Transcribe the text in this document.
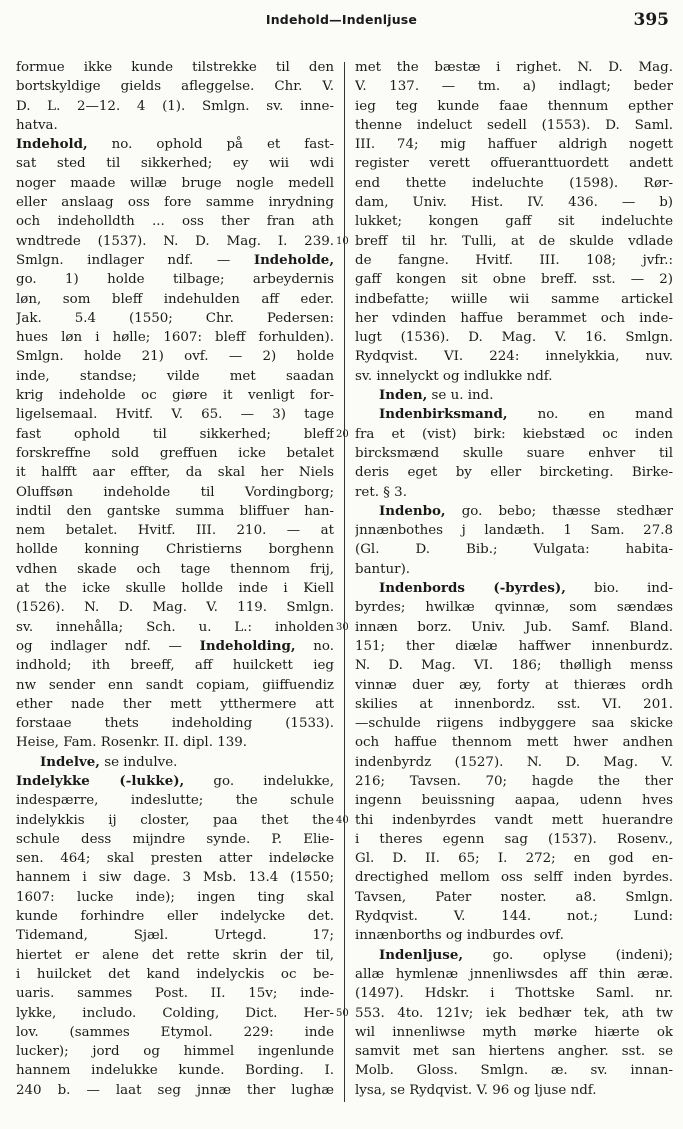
Indehold—Indenljuse	395
10
20
30
40
50
formue ikke kunde tilstrekke til den
bortskyldige gields afleggelse. Chr. V.
D. L. 2—12. 4 (1). Smlgn. sv. inne-
hatva.
Indehold, no. ophold på et fast-
sat sted til sikkerhed; ey wii wdi
noger maade willæ bruge nogle medell
eller anslaag oss fore samme inrydning
och indeholldth ... oss ther fran ath
wndtrede (1537). N. D. Mag. I. 239.
Smlgn. indlager ndf. — Indeholde,
go. 1) holde tilbage; arbeydernis
løn, som bleff indehulden aff eder.
Jak. 5.4 (1550; Chr. Pedersen:
hues løn i hølle; 1607: bleff forhulden).
Smlgn. holde 21) ovf. — 2) holde
inde, standse; vilde met saadan
krig indeholde oc giøre it venligt for-
ligelsemaal. Hvitf. V. 65. — 3) tage
fast ophold til sikkerhed; bleff
forskreffne sold greffuen icke betalet
it halfft aar effter, da skal her Niels
Oluffsøn indeholde til Vordingborg;
indtil den gantske summa bliffuer han-
nem betalet. Hvitf. III. 210. — at
hollde konning Christierns borghenn
vdhen skade och tage thennom frij,
at the icke skulle hollde inde i Kiell
(1526). N. D. Mag. V. 119. Smlgn.
sv. innehålla; Sch. u. L.: inholden
og indlager ndf. — Indeholding, no.
indhold; ith breeff, aff huilckett ieg
nw sender enn sandt copiam, giiffuendiz
ether nade ther mett ytthermere att
forstaae thets indeholding (1533).
Heise, Fam. Rosenkr. II. dipl. 139.
Indelve, se indulve.
Indelykke (-lukke), go. indelukke,
indespærre, indeslutte; the schule
indelykkis ij closter, paa thet the
schule dess mijndre synde. P. Elie-
sen. 464; skal presten atter indeløcke
hannem i siw dage. 3 Msb. 13.4 (1550;
1607: lucke inde); ingen ting skal
kunde forhindre eller indelycke det.
Tidemand, Sjæl. Urtegd. 17;
hiertet er alene det rette skrin der til,
i huilcket det kand indelyckis oc be-
uaris. sammes Post. II. 15v; inde-
lykke, includo. Colding, Dict. Her-
lov. (sammes Etymol. 229: inde
lucker); jord og himmel ingenlunde
hannem indelukke kunde. Bording. I.
240 b. — laat seg jnnæ ther lughæ
met the bæstæ i righet. N. D. Mag.
V. 137. — tm. a) indlagt; beder
ieg teg kunde faae thennum epther
thenne indeluct sedell (1553). D. Saml.
III. 74; mig haffuer aldrigh nogett
register verett offueranttuordett andett
end thette indeluchte (1598). Rør-
dam, Univ. Hist. IV. 436. — b)
lukket; kongen gaff sit indeluchte
breff til hr. Tulli, at de skulde vdlade
de fangne. Hvitf. III. 108; jvfr.:
gaff kongen sit obne breff. sst. — 2)
indbefatte; wiille wii samme artickel
her vdinden haffue berammet och inde-
lugt (1536). D. Mag. V. 16. Smlgn.
Rydqvist. VI. 224: innelykkia, nuv.
sv. innelyckt og indlukke ndf.
Inden, se u. ind.
Indenbirksmand, no. en mand
fra et (vist) birk: kiebstæd oc inden
bircksmænd skulle suare enhver til
deris eget by eller bircketing. Birke-
ret. § 3.
Indenbo, go. bebo; thæsse stedhær
jnnænbothes j landæth. 1 Sam. 27.8
(Gl. D. Bib.; Vulgata: habita-
bantur).
Indenbords (-byrdes), bio. ind-
byrdes; hwilkæ qvinnæ, som sændæs
innæn borz. Univ. Jub. Samf. Bland.
151; ther diælæ haffwer innenburdz.
N. D. Mag. VI. 186; thølligh menss
vinnæ duer æy, forty at thieræs ordh
skilies at innenbordz. sst. VI. 201.
—schulde riigens indbyggere saa skicke
och haffue thennom mett hwer andhen
indenbyrdz (1527). N. D. Mag. V.
216; Tavsen. 70; hagde the ther
ingenn beuissning aapaa, udenn hves
thi indenbyrdes vandt mett huerandre
i theres egenn sag (1537). Rosenv.,
Gl. D. II. 65; I. 272; en god en-
drectighed mellom oss selff inden byrdes.
Tavsen, Pater noster. a8. Smlgn.
Rydqvist. V. 144. not.; Lund:
innænborths og indburdes ovf.
Indenljuse, go. oplyse (indeni);
allæ hymlenæ jnnenliwsdes aff thin æræ.
(1497). Hdskr. i Thottske Saml. nr.
553. 4to. 121v; iek bedhær tek, ath tw
wil innenliwse myth mørke hiærte ok
samvit met san hiertens angher. sst. se
Molb. Gloss. Smlgn. æ. sv. innan-
lysa, se Rydqvist. V. 96 og ljuse ndf.
